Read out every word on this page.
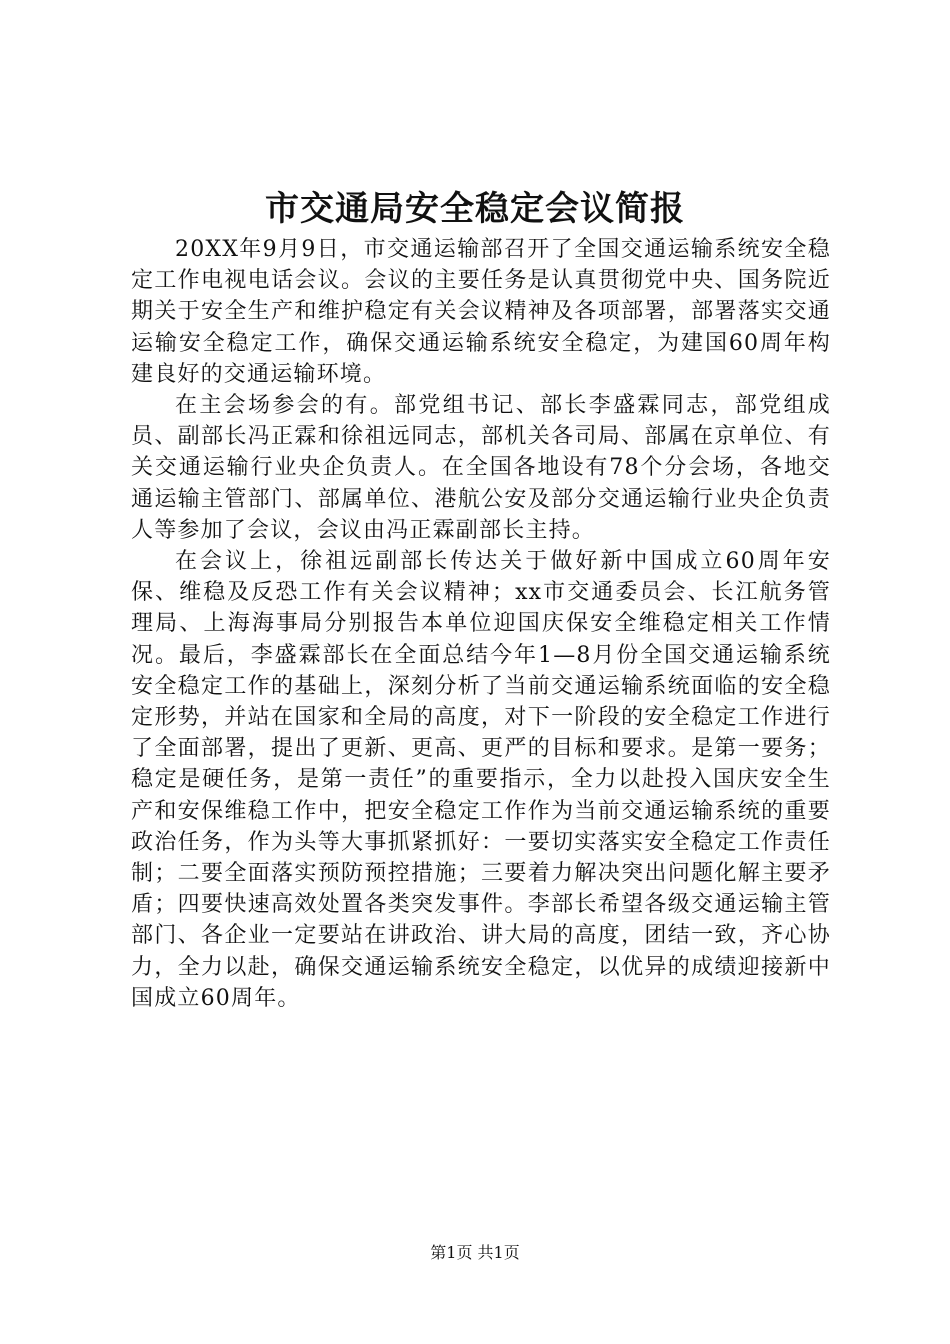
市交通局安全稳定会议简报

20XX年9月9日，市交通运输部召开了全国交通运输系统安全稳定工作电视电话会议。会议的主要任务是认真贯彻党中央、国务院近期关于安全生产和维护稳定有关会议精神及各项部署，部署落实交通运输安全稳定工作，确保交通运输系统安全稳定，为建国60周年构建良好的交通运输环境。

在主会场参会的有。部党组书记、部长李盛霖同志，部党组成员、副部长冯正霖和徐祖远同志，部机关各司局、部属在京单位、有关交通运输行业央企负责人。在全国各地设有78个分会场，各地交通运输主管部门、部属单位、港航公安及部分交通运输行业央企负责人等参加了会议，会议由冯正霖副部长主持。

在会议上，徐祖远副部长传达关于做好新中国成立60周年安保、维稳及反恐工作有关会议精神；xx市交通委员会、长江航务管理局、上海海事局分别报告本单位迎国庆保安全维稳定相关工作情况。最后，李盛霖部长在全面总结今年1—8月份全国交通运输系统安全稳定工作的基础上，深刻分析了当前交通运输系统面临的安全稳定形势，并站在国家和全局的高度，对下一阶段的安全稳定工作进行了全面部署，提出了更新、更高、更严的目标和要求。是第一要务；稳定是硬任务，是第一责任”的重要指示，全力以赴投入国庆安全生产和安保维稳工作中，把安全稳定工作作为当前交通运输系统的重要政治任务，作为头等大事抓紧抓好：一要切实落实安全稳定工作责任制；二要全面落实预防预控措施；三要着力解决突出问题化解主要矛盾；四要快速高效处置各类突发事件。李部长希望各级交通运输主管部门、各企业一定要站在讲政治、讲大局的高度，团结一致，齐心协力，全力以赴，确保交通运输系统安全稳定，以优异的成绩迎接新中国成立60周年。

第1页 共1页
